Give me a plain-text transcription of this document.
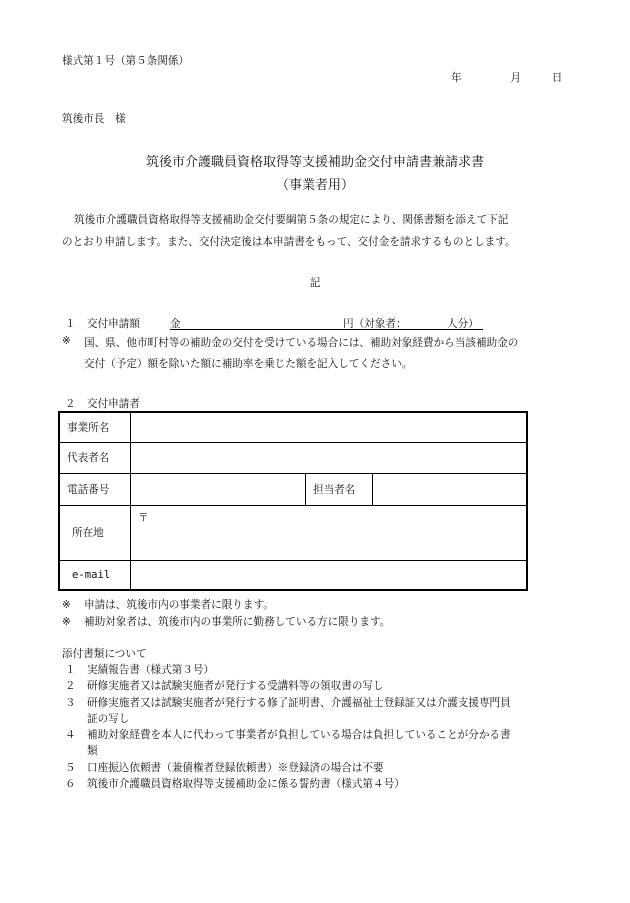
様式第１号（第５条関係）
年	月	日
筑後市長　様
筑後市介護職員資格取得等支援補助金交付申請書兼請求書
（事業者用）
筑後市介護職員資格取得等支援補助金交付要綱第５条の規定により、関係書類を添えて下記
のとおり申請します。また、交付決定後は本申請書をもって、交付金を請求するものとします。
記
１ 交付申請額	金	円（対象者：	人分）
※ 国、県、他市町村等の補助金の交付を受けている場合には、補助対象経費から当該補助金の
交付（予定）額を除いた額に補助率を乗じた額を記入してください。
２ 交付申請者
事業所名			
代表者名			
電話番号		担当者名	
所在地	〒		
e-mail			
※ 申請は、筑後市内の事業者に限ります。
※ 補助対象者は、筑後市内の事業所に勤務している方に限ります。
添付書類について
１ 実績報告書（様式第３号）
２ 研修実施者又は試験実施者が発行する受講料等の領収書の写し
３ 研修実施者又は試験実施者が発行する修了証明書、介護福祉士登録証又は介護支援専門員
証の写し
４ 補助対象経費を本人に代わって事業者が負担している場合は負担していることが分かる書
類
５ 口座振込依頼書（兼債権者登録依頼書）※登録済の場合は不要
６ 筑後市介護職員資格取得等支援補助金に係る誓約書（様式第４号）
